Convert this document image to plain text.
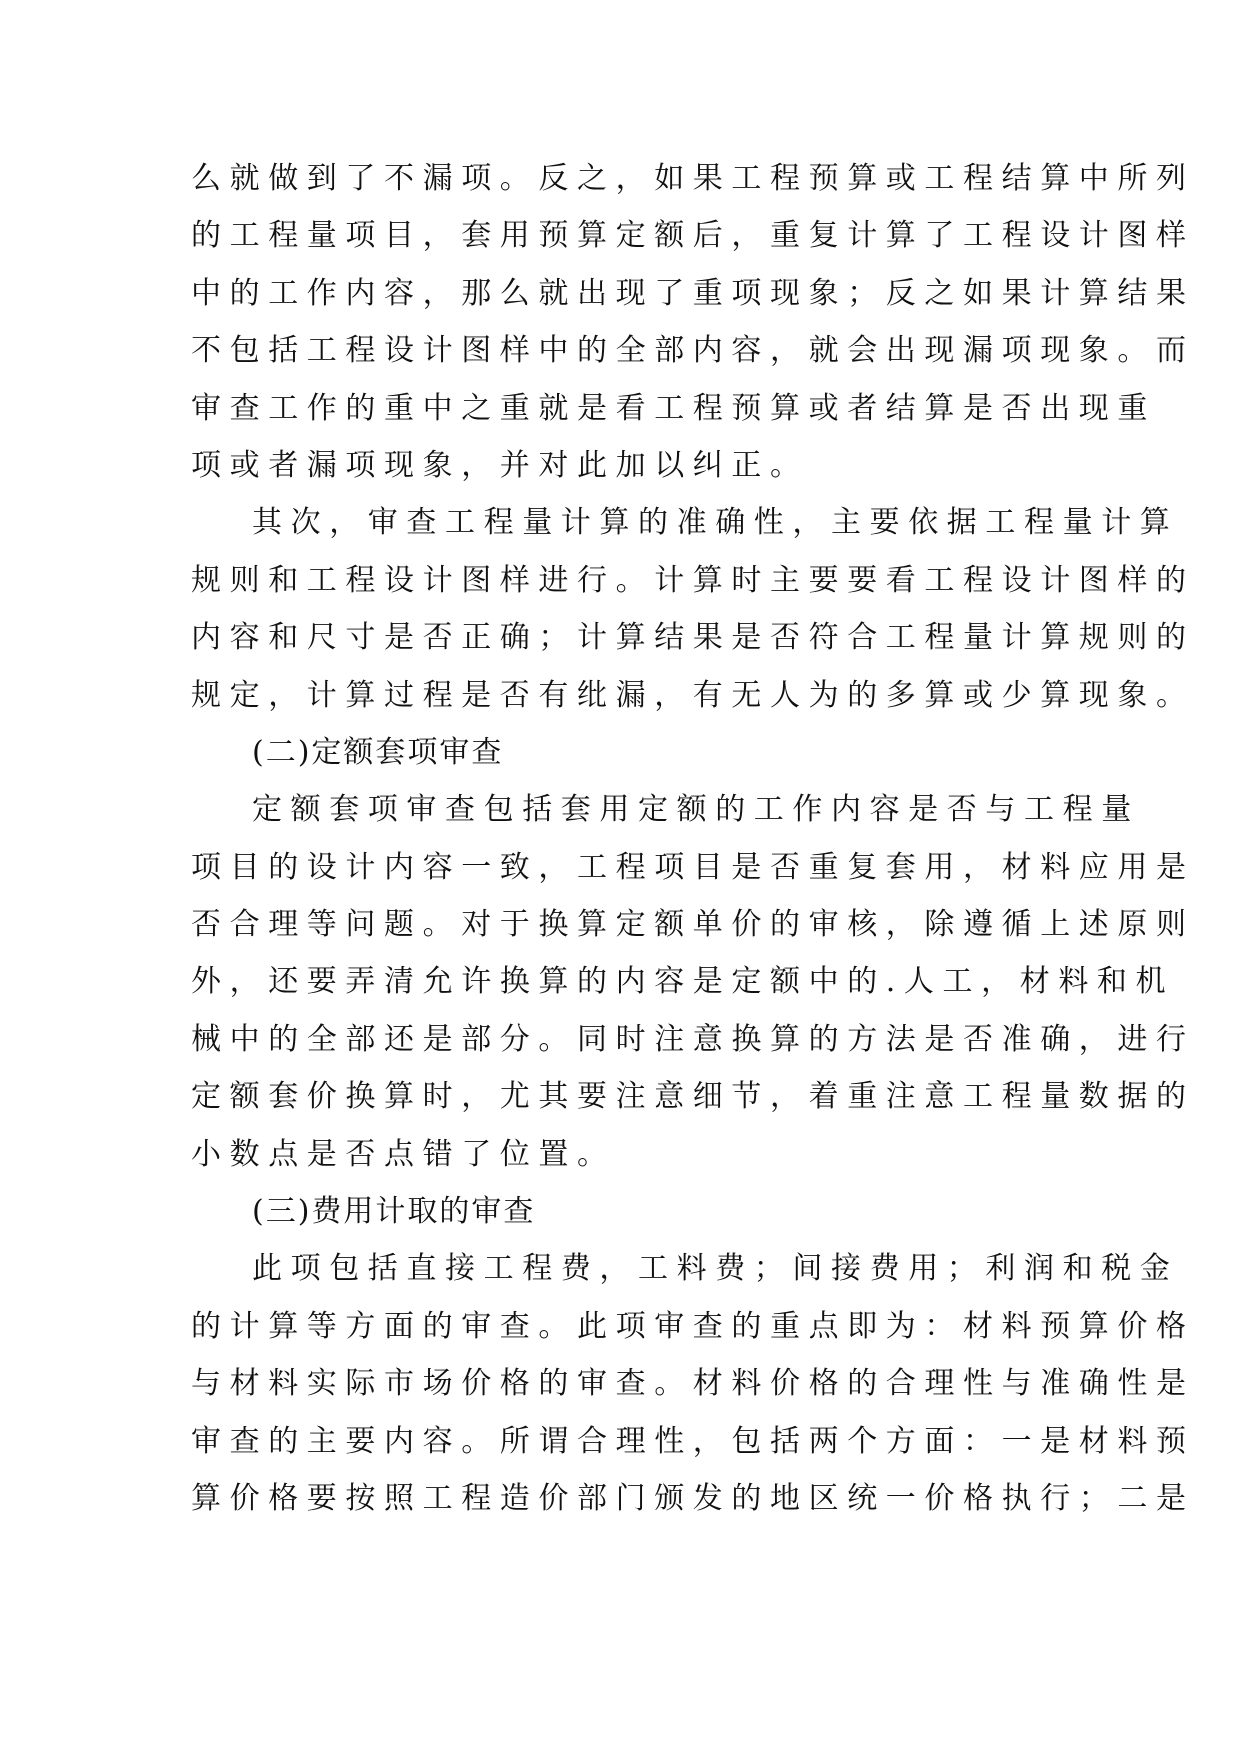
么就做到了不漏项。反之，如果工程预算或工程结算中所列
的工程量项目，套用预算定额后，重复计算了工程设计图样
中的工作内容，那么就出现了重项现象；反之如果计算结果
不包括工程设计图样中的全部内容，就会出现漏项现象。而
审查工作的重中之重就是看工程预算或者结算是否出现重
项或者漏项现象，并对此加以纠正。
其次，审查工程量计算的准确性，主要依据工程量计算
规则和工程设计图样进行。计算时主要要看工程设计图样的
内容和尺寸是否正确；计算结果是否符合工程量计算规则的
规定，计算过程是否有纰漏，有无人为的多算或少算现象。
(二)定额套项审查
定额套项审查包括套用定额的工作内容是否与工程量
项目的设计内容一致，工程项目是否重复套用，材料应用是
否合理等问题。对于换算定额单价的审核，除遵循上述原则
外，还要弄清允许换算的内容是定额中的.人工，材料和机
械中的全部还是部分。同时注意换算的方法是否准确，进行
定额套价换算时，尤其要注意细节，着重注意工程量数据的
小数点是否点错了位置。
(三)费用计取的审查
此项包括直接工程费，工料费；间接费用；利润和税金
的计算等方面的审查。此项审查的重点即为：材料预算价格
与材料实际市场价格的审查。材料价格的合理性与准确性是
审查的主要内容。所谓合理性，包括两个方面：一是材料预
算价格要按照工程造价部门颁发的地区统一价格执行；二是
